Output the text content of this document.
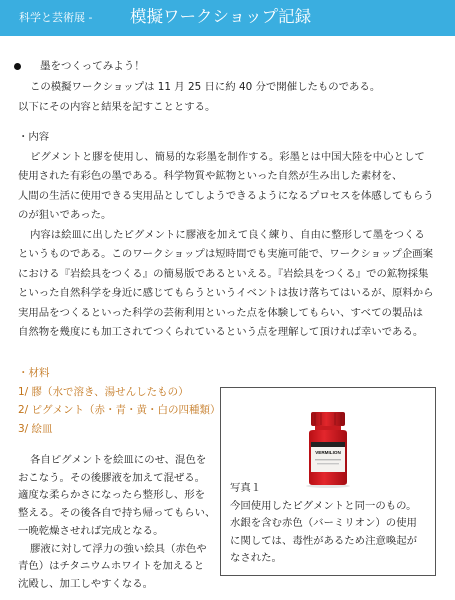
科学と芸術展 - 模擬ワークショップ記録
墨をつくってみよう！

この模擬ワークショップは 11 月 25 日に約 40 分で開催したものである。

以下にその内容と結果を記すこととする。

・内容

ピグメントと膠を使用し、簡易的な彩墨を制作する。彩墨とは中国大陸を中心として

使用された有彩色の墨である。科学物質や鉱物といった自然が生み出した素材を、

人間の生活に使用できる実用品としてしようできるようになるプロセスを体感してもらう

のが狙いであった。

内容は絵皿に出したピグメントに膠液を加えて良く練り、自由に整形して墨をつくる

というものである。このワークショップは短時間でも実施可能で、ワークショップ企画案

における『岩絵具をつくる』の簡易版であるといえる。『岩絵具をつくる』での鉱物採集

といった自然科学を身近に感じてもらうというイベントは抜け落ちてはいるが、原料から

実用品をつくるといった科学の芸術利用といった点を体験してもらい、すべての製品は

自然物を幾度にも加工されてつくられているという点を理解して頂ければ幸いである。

・材料

1/ 膠（水で溶き、湯せんしたもの）

2/ ピグメント（赤・青・黄・白の四種類）

3/ 絵皿

各自ピグメントを絵皿にのせ、混色を

おこなう。その後膠液を加えて混ぜる。

適度な柔らかさになったら整形し、形を

整える。その後各自で持ち帰ってもらい、

一晩乾燥させれば完成となる。

膠液に対して浮力の強い絵具（赤色や

青色）はチタニウムホワイトを加えると

沈殿し、加工しやすくなる。

VERMILION

写真１

今回使用したピグメントと同一のもの。

水銀を含む赤色（バーミリオン）の使用

に関しては、毒性があるため注意喚起が

なされた。
